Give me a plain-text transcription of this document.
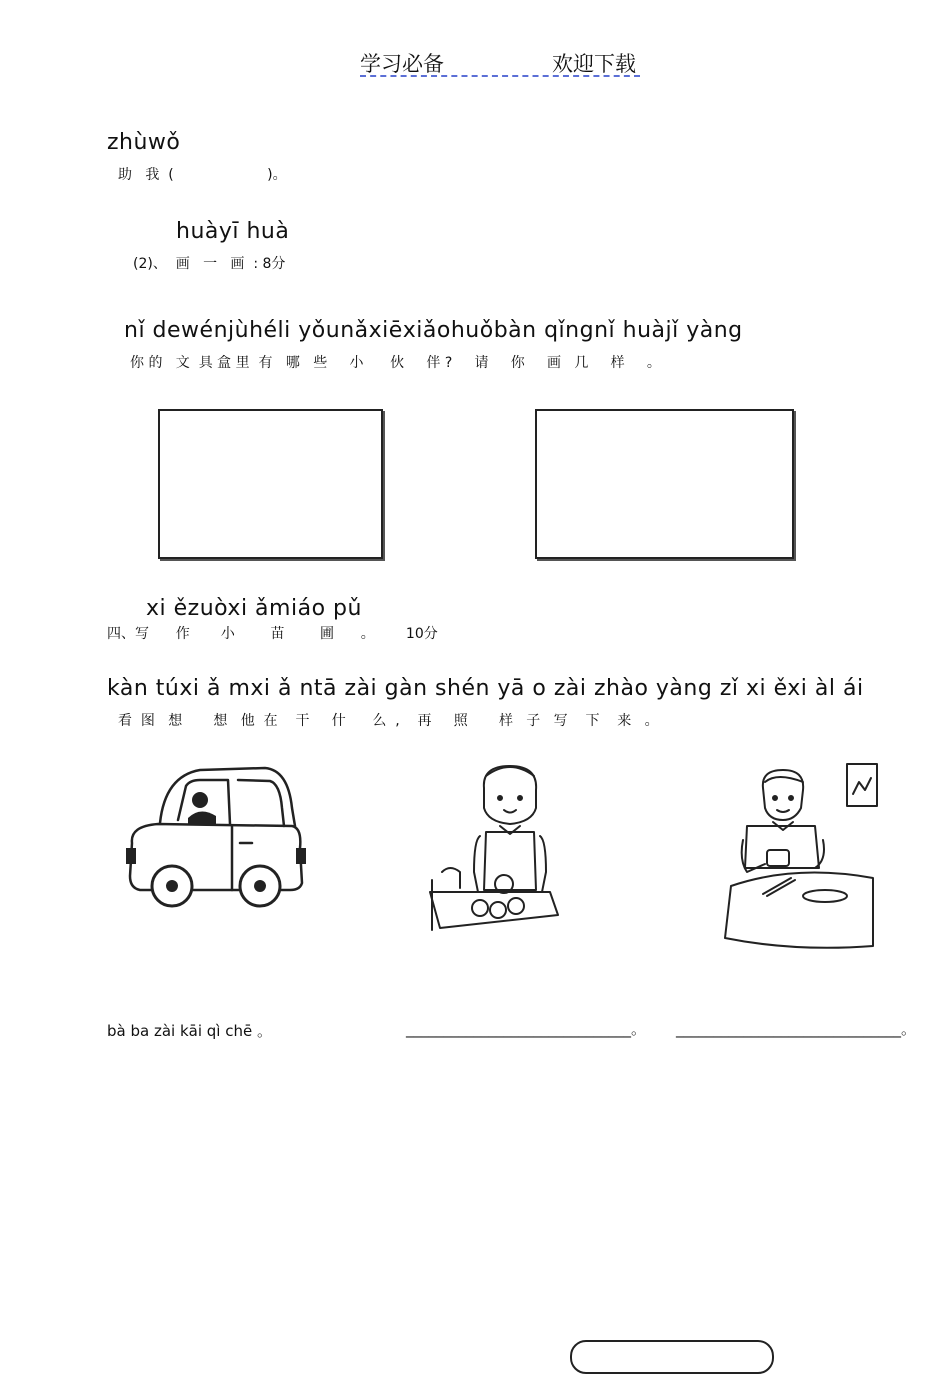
学习必备	欢迎下载
zhùwǒ
助   我  (                     )。
huàyī huà
(2)、  画   一   画  : 8分
nǐ dewénjùhéli yǒunǎxiēxiǎohuǒbàn qǐngnǐ huàjǐ yàng
你 的   文  具 盒 里  有   哪   些     小      伙     伴 ?     请     你     画   几     样     。
xi ězuòxi ǎmiáo pǔ
四、写      作       小        苗        圃      。       10分
kàn túxi ǎ mxi ǎ ntā zài gàn shén yā o zài zhào yàng zǐ xi ěxi àl ái
看  图   想       想   他  在    干     什      么  ,    再     照       样   子   写    下    来   。
bà ba zài kāi qì chē 。	______________________________。 ______________________________。
